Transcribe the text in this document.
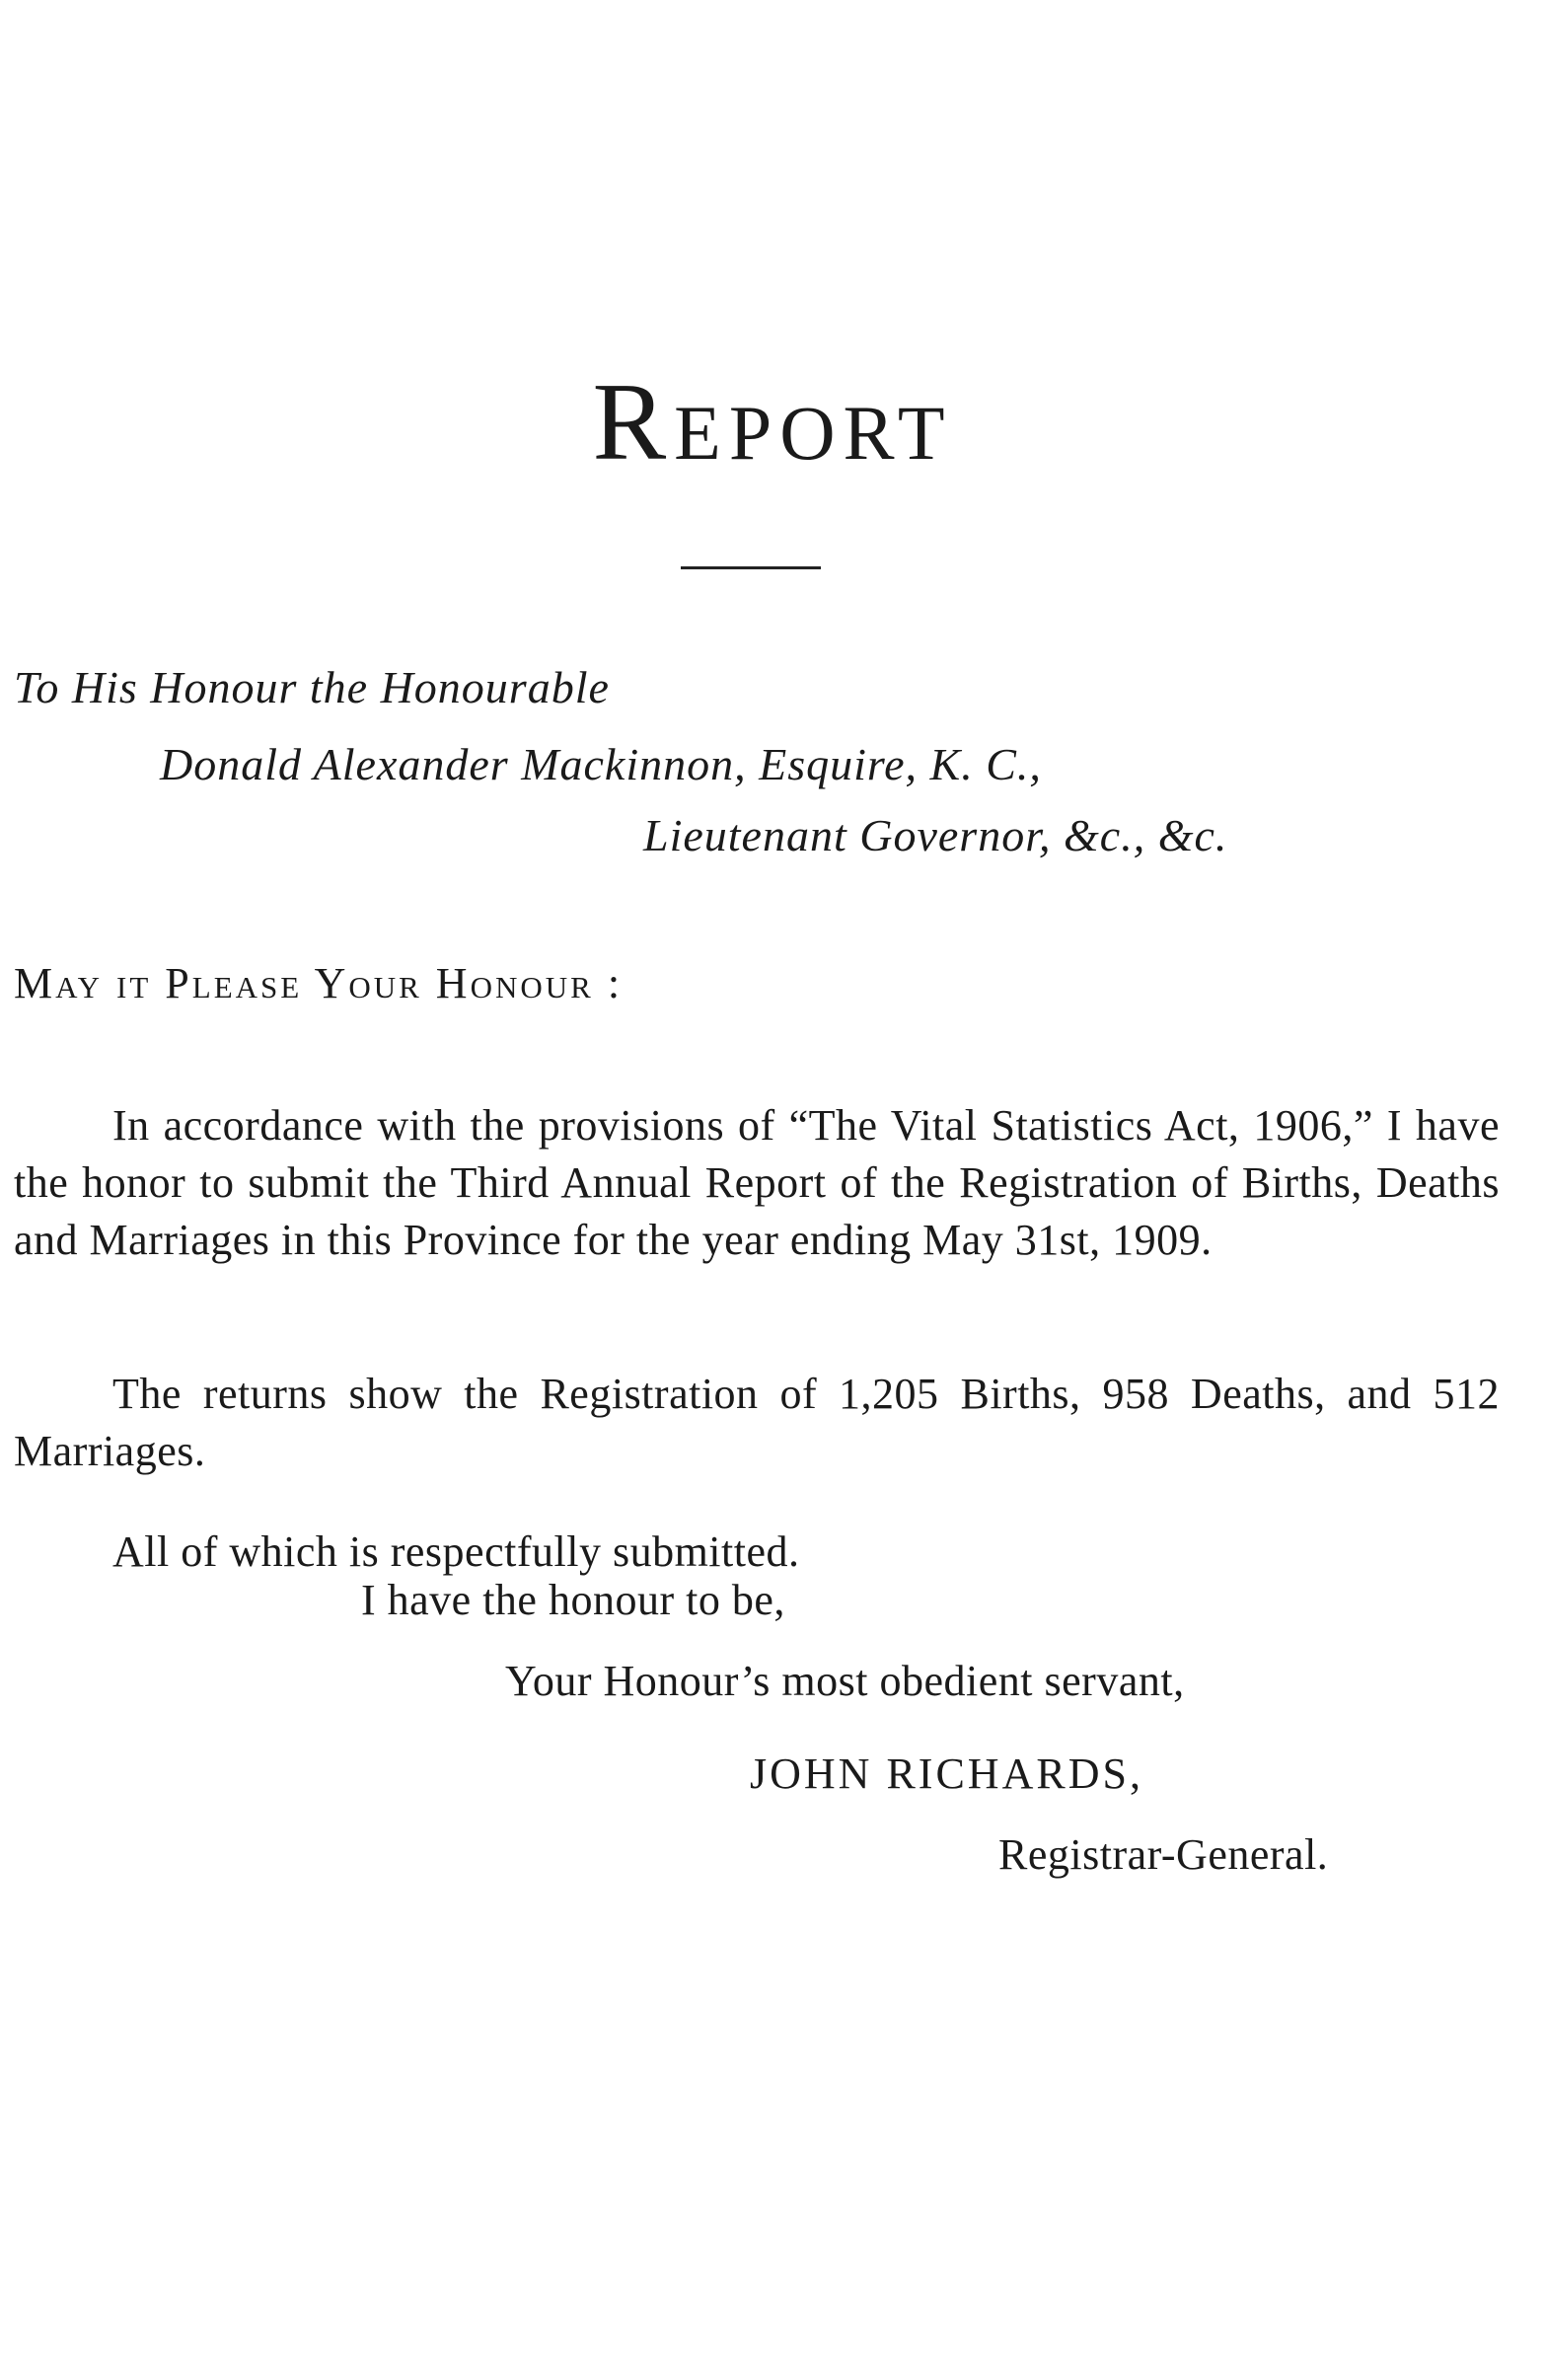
Report
To His Honour the Honourable
Donald Alexander Mackinnon, Esquire, K. C.,
Lieutenant Governor, &c., &c.
May it Please Your Honour :

In accordance with the provisions of “The Vital Statistics Act, 1906,” I have the honor to submit the Third Annual Report of the Registration of Births, Deaths and Marriages in this Province for the year ending May 31st, 1909.

The returns show the Registration of 1,205 Births, 958 Deaths, and 512 Marriages.

All of which is respectfully submitted.

I have the honour to be,
Your Honour’s most obedient servant,
JOHN RICHARDS,
Registrar-General.
